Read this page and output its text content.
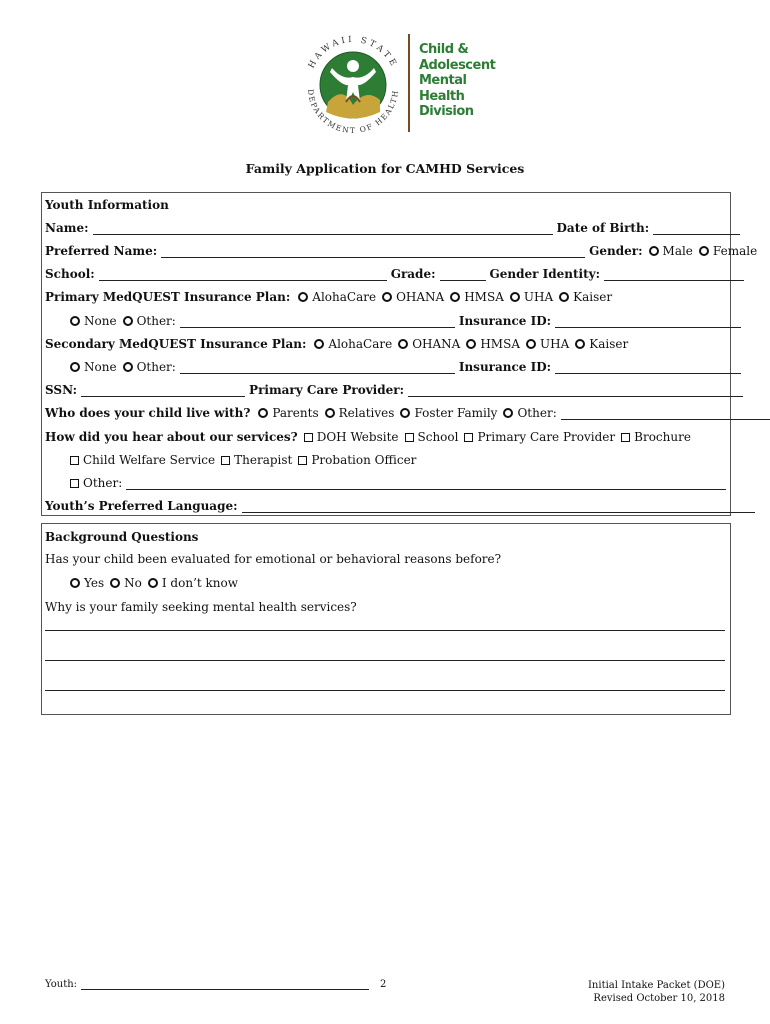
HAWAII STATE
DEPARTMENT OF HEALTH
Child &
Adolescent
Mental
Health
Division
Family Application for CAMHD Services
Youth Information
Name:	Date of Birth:
Preferred Name:	Gender: Male Female
School:	Grade:	Gender Identity:
Primary MedQUEST Insurance Plan: AlohaCare OHANA HMSA UHA Kaiser
None Other:	Insurance ID:
Secondary MedQUEST Insurance Plan: AlohaCare OHANA HMSA UHA Kaiser
None Other:	Insurance ID:
SSN:	Primary Care Provider:
Who does your child live with? Parents Relatives Foster Family Other:
How did you hear about our services? DOH Website School Primary Care Provider Brochure
Child Welfare Service Therapist Probation Officer
Other:
Youth’s Preferred Language:
Background Questions
Has your child been evaluated for emotional or behavioral reasons before?
Yes No I don’t know
Why is your family seeking mental health services?
Youth:	2	Initial Intake Packet (DOE)
Revised October 10, 2018
